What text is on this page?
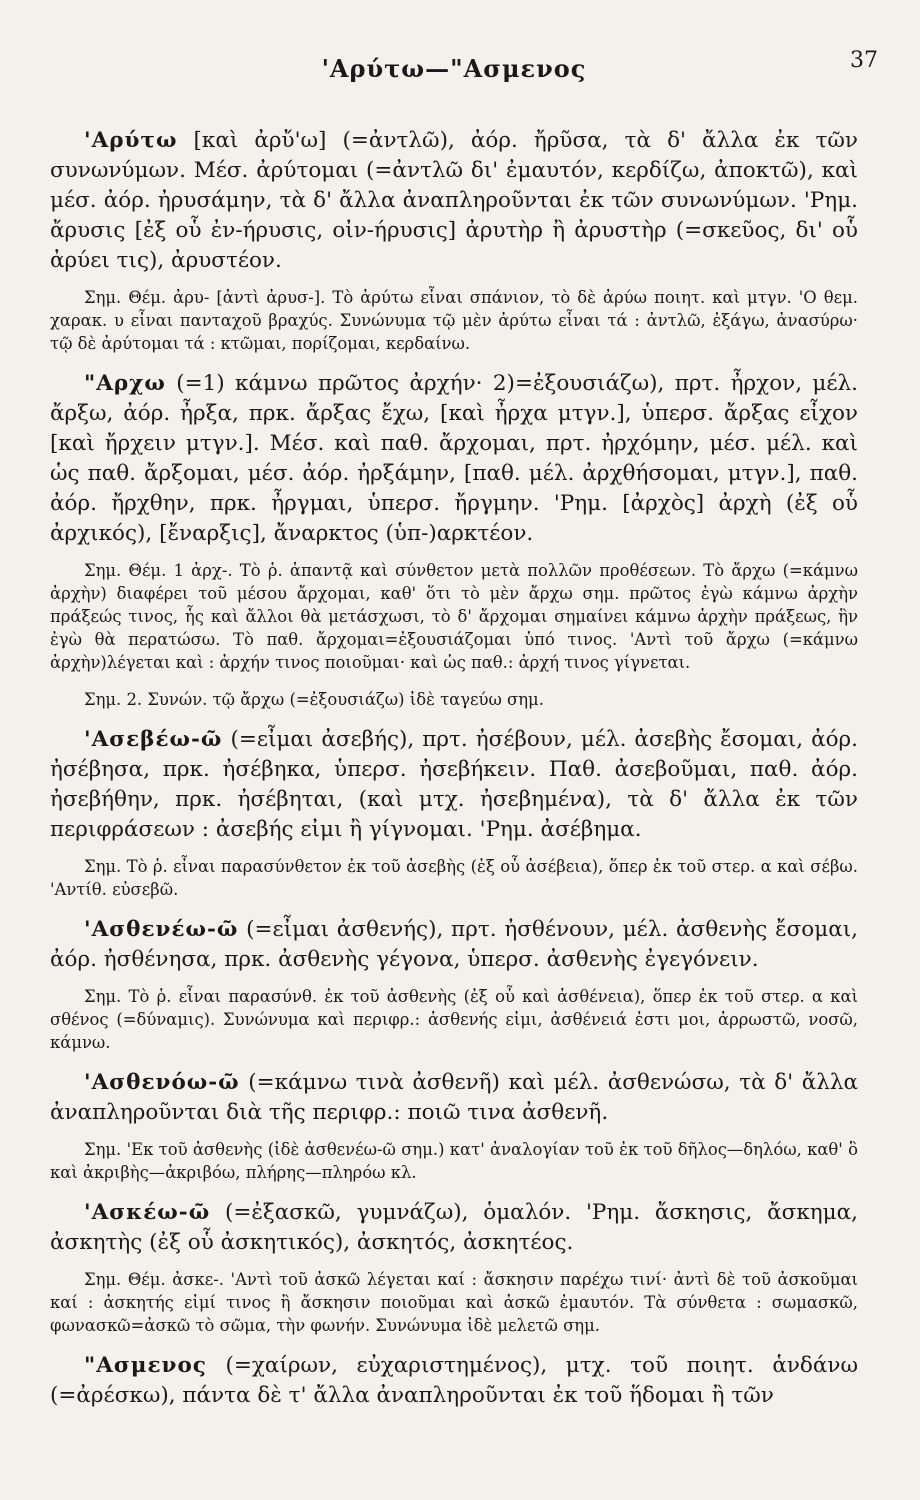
'Αρύτω—"Ασμενος	37

'Αρύτω [καὶ ἀρὔ'ω] (=ἀντλῶ), ἀόρ. ἤρῦσα, τὰ δ' ἄλλα ἐκ τῶν συνωνύμων. Μέσ. ἀρύτομαι (=ἀντλῶ δι' ἐμαυτόν, κερδίζω, ἀποκτῶ), καὶ μέσ. ἀόρ. ἠρυσάμην, τὰ δ' ἄλλα ἀναπληροῦνται ἐκ τῶν συνωνύμων. 'Ρημ. ἄρυσις [ἐξ οὗ ἐν-ήρυσις, οἰν-ήρυσις] ἀρυτὴρ ἢ ἀρυστὴρ (=σκεῦος, δι' οὗ ἀρύει τις), ἀρυστέον.

Σημ. Θέμ. ἀρυ- [ἀντὶ ἀρυσ-]. Τὸ ἀρύτω εἶναι σπάνιον, τὸ δὲ ἀρύω ποιητ. καὶ μτγν. 'Ο θεμ. χαρακ. υ εἶναι πανταχοῦ βραχύς. Συνώνυμα τῷ μὲν ἀρύτω εἶναι τά : ἀντλῶ, ἐξάγω, ἀνασύρω· τῷ δὲ ἀρύτομαι τά : κτῶμαι, πορίζομαι, κερδαίνω.

"Αρχω (=1) κάμνω πρῶτος ἀρχήν· 2)=ἐξουσιάζω), πρτ. ἦρχον, μέλ. ἄρξω, ἀόρ. ἦρξα, πρκ. ἄρξας ἔχω, [καὶ ἦρχα μτγν.], ὑπερσ. ἄρξας εἶχον [καὶ ἤρχειν μτγν.]. Μέσ. καὶ παθ. ἄρχομαι, πρτ. ἠρχόμην, μέσ. μέλ. καὶ ὡς παθ. ἄρξομαι, μέσ. ἀόρ. ἠρξάμην, [παθ. μέλ. ἀρχθήσομαι, μτγν.], παθ. ἀόρ. ἤρχθην, πρκ. ἦργμαι, ὑπερσ. ἤργμην. 'Ρημ. [ἀρχὸς] ἀρχὴ (ἐξ οὗ ἀρχικός), [ἔναρξις], ἄναρκτος (ὑπ-)αρκτέον.

Σημ. Θέμ. 1 ἀρχ-. Τὸ ῥ. ἁπαντᾷ καὶ σύνθετον μετὰ πολλῶν προθέσεων. Τὸ ἄρχω (=κάμνω ἀρχὴν) διαφέρει τοῦ μέσου ἄρχομαι, καθ' ὅτι τὸ μὲν ἄρχω σημ. πρῶτος ἐγὼ κάμνω ἀρχὴν πράξεώς τινος, ἧς καὶ ἄλλοι θὰ μετάσχωσι, τὸ δ' ἄρχομαι σημαίνει κάμνω ἀρχὴν πράξεως, ἣν ἐγὼ θὰ περατώσω. Τὸ παθ. ἄρχομαι=ἐξουσιάζομαι ὑπό τινος. 'Αντὶ τοῦ ἄρχω (=κάμνω ἀρχὴν)λέγεται καὶ : ἀρχήν τινος ποιοῦμαι· καὶ ὡς παθ.: ἀρχή τινος γίγνεται.

Σημ. 2. Συνών. τῷ ἄρχω (=ἐξουσιάζω) ἰδὲ ταγεύω σημ.

'Ασεβέω-ῶ (=εἶμαι ἀσεβής), πρτ. ἠσέβουν, μέλ. ἀσεβὴς ἔσομαι, ἀόρ. ἠσέβησα, πρκ. ἠσέβηκα, ὑπερσ. ἠσεβήκειν. Παθ. ἀσεβοῦμαι, παθ. ἀόρ. ἠσεβήθην, πρκ. ἠσέβηται, (καὶ μτχ. ἠσεβημένα), τὰ δ' ἄλλα ἐκ τῶν περιφράσεων : ἀσεβής εἰμι ἢ γίγνομαι. 'Ρημ. ἀσέβημα.

Σημ. Τὸ ῥ. εἶναι παρασύνθετον ἐκ τοῦ ἀσεβὴς (ἐξ οὗ ἀσέβεια), ὅπερ ἐκ τοῦ στερ. α καὶ σέβω. 'Αντίθ. εὐσεβῶ.

'Ασθενέω-ῶ (=εἶμαι ἀσθενής), πρτ. ἠσθένουν, μέλ. ἀσθενὴς ἔσομαι, ἀόρ. ἠσθένησα, πρκ. ἀσθενὴς γέγονα, ὑπερσ. ἀσθενὴς ἐγεγόνειν.

Σημ. Τὸ ῥ. εἶναι παρασύνθ. ἐκ τοῦ ἀσθενὴς (ἐξ οὗ καὶ ἀσθένεια), ὅπερ ἐκ τοῦ στερ. α καὶ σθένος (=δύναμις). Συνώνυμα καὶ περιφρ.: ἀσθενής εἰμι, ἀσθένειά ἐστι μοι, ἀρρωστῶ, νοσῶ, κάμνω.

'Ασθενόω-ῶ (=κάμνω τινὰ ἀσθενῆ) καὶ μέλ. ἀσθενώσω, τὰ δ' ἄλλα ἀναπληροῦνται διὰ τῆς περιφρ.: ποιῶ τινα ἀσθενῆ.

Σημ. 'Εκ τοῦ ἀσθενὴς (ἰδὲ ἀσθενέω-ῶ σημ.) κατ' ἀναλογίαν τοῦ ἐκ τοῦ δῆλος—δηλόω, καθ' ὃ καὶ ἀκριβὴς—ἀκριβόω, πλήρης—πληρόω κλ.

'Ασκέω-ῶ (=ἐξασκῶ, γυμνάζω), ὁμαλόν. 'Ρημ. ἄσκησις, ἄσκημα, ἀσκητὴς (ἐξ οὗ ἀσκητικός), ἀσκητός, ἀσκητέος.

Σημ. Θέμ. ἀσκε-. 'Αντὶ τοῦ ἀσκῶ λέγεται καί : ἄσκησιν παρέχω τινί· ἀντὶ δὲ τοῦ ἀσκοῦμαι καί : ἀσκητής εἰμί τινος ἢ ἄσκησιν ποιοῦμαι καὶ ἀσκῶ ἐμαυτόν. Τὰ σύνθετα : σωμασκῶ, φωνασκῶ=ἀσκῶ τὸ σῶμα, τὴν φωνήν. Συνώνυμα ἰδὲ μελετῶ σημ.

"Ασμενος (=χαίρων, εὐχαριστημένος), μτχ. τοῦ ποιητ. ἁνδάνω (=ἀρέσκω), πάντα δὲ τ' ἄλλα ἀναπληροῦνται ἐκ τοῦ ἥδομαι ἢ τῶν
